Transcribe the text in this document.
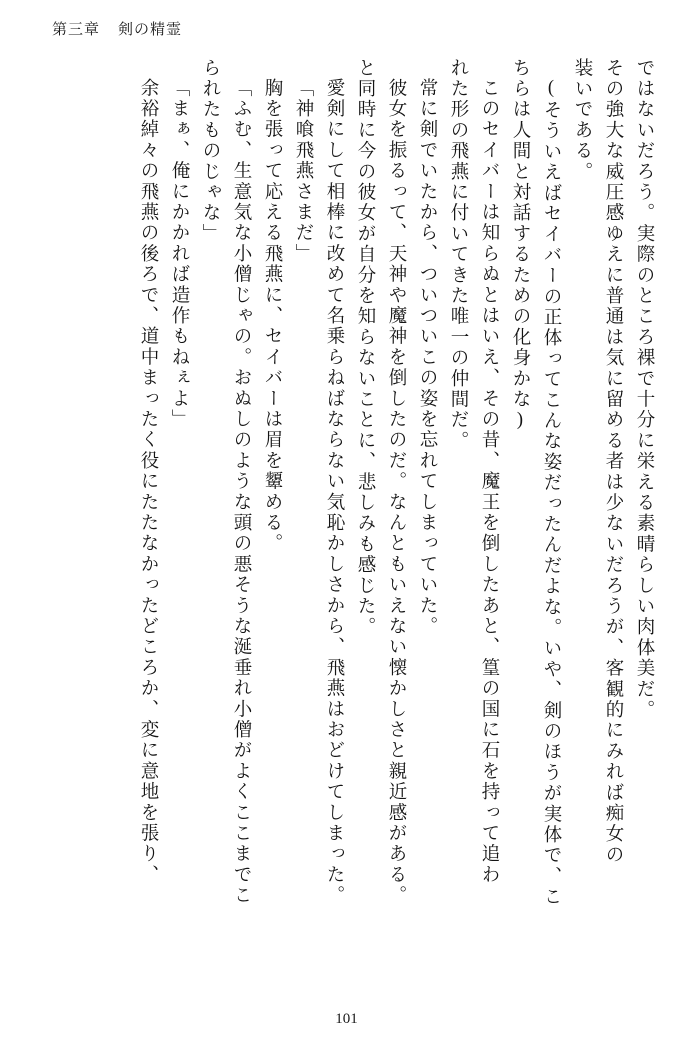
第三章 剣の精霊
ではないだろう。実際のところ裸で十分に栄える素晴らしい肉体美だ。
その強大な威圧感ゆえに普通は気に留める者は少ないだろうが、客観的にみれば痴女の
装いである。
(そういえばセイバーの正体ってこんな姿だったんだよな。いや、剣のほうが実体で、こ
ちらは人間と対話するための化身かな)
このセイバーは知らぬとはいえ、その昔、魔王を倒したあと、篁の国に石を持って追わ
れた形の飛燕に付いてきた唯一の仲間だ。
常に剣でいたから、ついついこの姿を忘れてしまっていた。
彼女を振るって、天神や魔神を倒したのだ。なんともいえない懐かしさと親近感がある。
と同時に今の彼女が自分を知らないことに、悲しみも感じた。
愛剣にして相棒に改めて名乗らねばならない気恥かしさから、飛燕はおどけてしまった。
「神喰飛燕さまだ」
胸を張って応える飛燕に、セイバーは眉を顰める。
「ふむ、生意気な小僧じゃの。おぬしのような頭の悪そうな涎垂れ小僧がよくここまでこ
られたものじゃな」
「まぁ、俺にかかれば造作もねぇよ」
余裕綽々の飛燕の後ろで、道中まったく役にたたなかったどころか、変に意地を張り、
101
